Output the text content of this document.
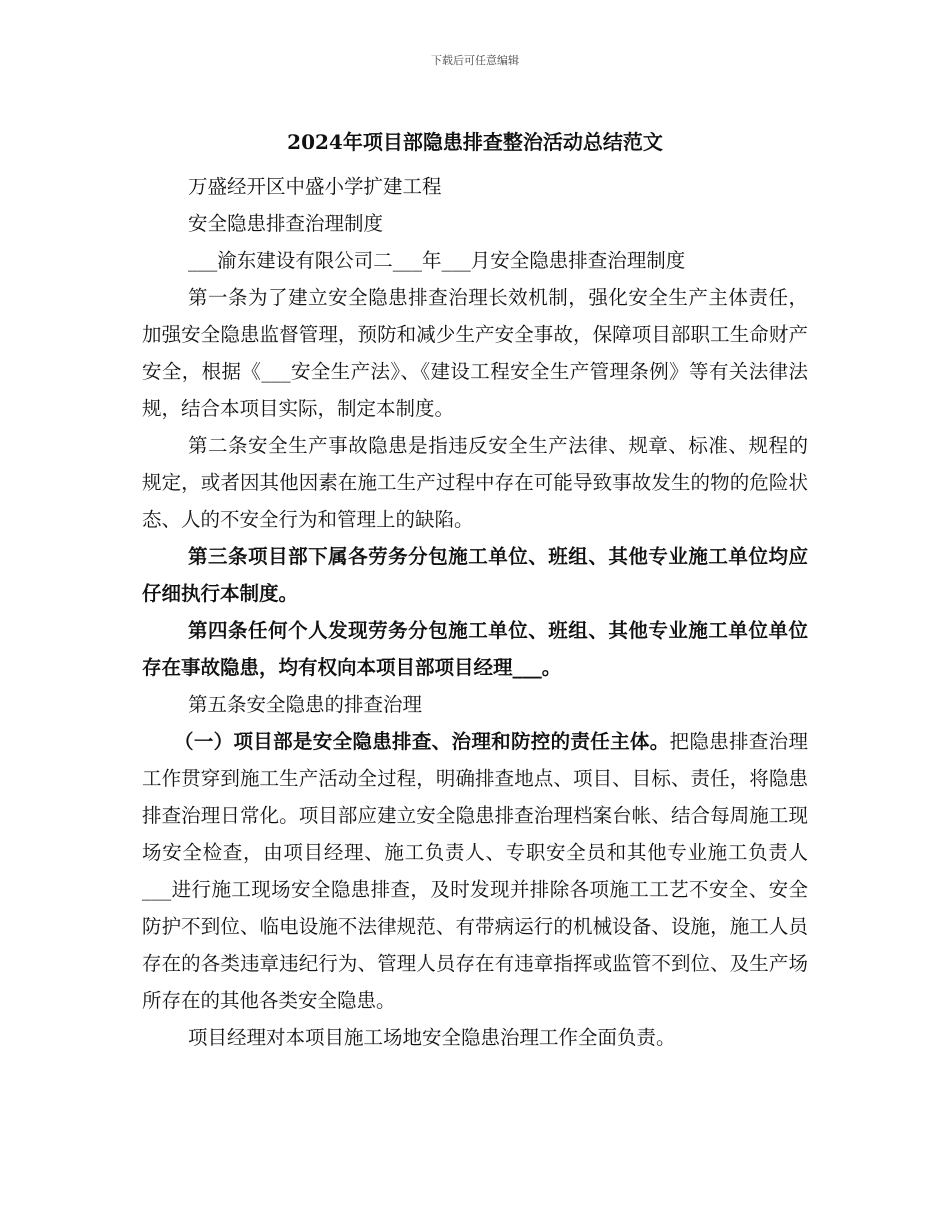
下载后可任意编辑
2024年项目部隐患排查整治活动总结范文

万盛经开区中盛小学扩建工程

安全隐患排查治理制度

___渝东建设有限公司二___年___月安全隐患排查治理制度

第一条为了建立安全隐患排查治理长效机制，强化安全生产主体责任，加强安全隐患监督管理，预防和减少生产安全事故，保障项目部职工生命财产安全，根据《___安全生产法》、《建设工程安全生产管理条例》等有关法律法规，结合本项目实际，制定本制度。

第二条安全生产事故隐患是指违反安全生产法律、规章、标准、规程的规定，或者因其他因素在施工生产过程中存在可能导致事故发生的物的危险状态、人的不安全行为和管理上的缺陷。

第三条项目部下属各劳务分包施工单位、班组、其他专业施工单位均应仔细执行本制度。

第四条任何个人发现劳务分包施工单位、班组、其他专业施工单位单位存在事故隐患，均有权向本项目部项目经理___。

第五条安全隐患的排查治理

（一）项目部是安全隐患排查、治理和防控的责任主体。把隐患排查治理工作贯穿到施工生产活动全过程，明确排查地点、项目、目标、责任，将隐患排查治理日常化。项目部应建立安全隐患排查治理档案台帐、结合每周施工现场安全检查，由项目经理、施工负责人、专职安全员和其他专业施工负责人___进行施工现场安全隐患排查，及时发现并排除各项施工工艺不安全、安全防护不到位、临电设施不法律规范、有带病运行的机械设备、设施，施工人员存在的各类违章违纪行为、管理人员存在有违章指挥或监管不到位、及生产场所存在的其他各类安全隐患。

项目经理对本项目施工场地安全隐患治理工作全面负责。
